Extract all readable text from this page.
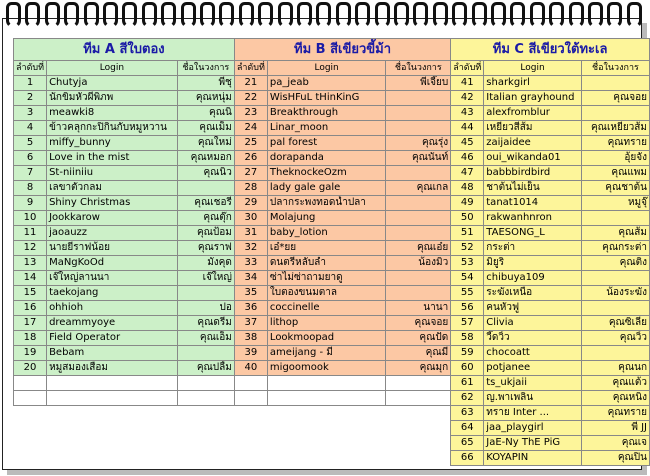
ทีม A สีใบตอง			ทีม B สีเขียวขี้ม้า			ทีม C สีเขียวใต้ทะเล		
ลำดับที่	Login	ชื่อในวงการ	ลำดับที่	Login	ชื่อในวงการ	ลำดับที่	Login	ชื่อในวงการ
1	Chutyja	พี่ชุ	21	pa_jeab	พี่เจี๊ยบ	41	sharkgirl	
2	นักขิมหัวผีพิภพ	คุณหนุ่ม	22	WisHFuL tHinKinG		42	Italian grayhound	คุณจอย
3	meawki8	คุณนิ	23	Breakthrough		43	alexfromblur	
4	ข้าวคลุกกะปิกินกับหมูหวาน	คุณเม็ม	24	Linar_moon		44	เหยียวสีส้ม	คุณเหยียวส้ม
5	miffy_bunny	คุณใหม่	25	pal forest	คุณรุ่ง	45	zaijaidee	คุณทราย
6	Love in the mist	คุณหมอก	26	dorapanda	คุณนันท์	46	oui_wikanda01	อุ้ยจัง
7	St-niiniiu	คุณนิว	27	TheknockeOzm		47	babbbirdbird	คุณแพม
8	เลขาตัวกลม		28	lady gale gale	คุณเกล	48	ชาต้นไม่เย็น	คุณชาต้น
9	Shiny Christmas	คุณเชอรี่	29	ปลากระพงทอดน้ำปลา		49	tanat1014	หมูจุ๊
10	Jookkarow	คุณตุ๊ก	30	Molajung		50	rakwanhnron	
11	jaoauzz	คุณป้อม	31	baby_lotion		51	TAESONG_L	คุณส้ม
12	นายยีราฟน้อย	คุณราฟ	32	เอ๋*ยย	คุณเอ๋ย	52	กระต่า	คุณกระต่า
13	MaNgKoOd	มังคุด	33	ดนตรีหลับลำ	น้องมิว	53	มิยูริ	คุณติง
14	เจ๊ใหญ่ลานนา	เจ๊ใหญ่	34	ซ่าไม่ซ่าถามยาดู		54	chibuya109	
15	taekojang		35	ใบตองขนมตาล		55	ระฆังเหนือ	น้องระฆัง
16	ohhioh	ปอ	36	coccinelle	นานา	56	คนหัวฟู	
17	dreammyoye	คุณดรีม	37	lithop	คุณจอย	57	Clivia	คุณซิเลีย
18	Field Operator	คุณเอ็ม	38	Lookmoopad	คุณปัด	58	วี๊ดวิ้ว	คุณวิ้ว
19	Bebam		39	ameijang - มี่	คุณมี่	59	chocoatt	
20	หมูสมองเสื่อม	คุณปลื้ม	40	migoomook	คุณมุก	60	potjanee	คุณนก
						61	ts_ukjaii	คุณแต้ว
						62	ญ.พาเพลิน	คุณหนิง
						63	ทราย Inter ...	คุณทราย
						64	jaa_playgirl	พี่ JJ
						65	JaE-Ny ThE PiG	คุณเจ
						66	KOYAPIN	คุณปิ่น
